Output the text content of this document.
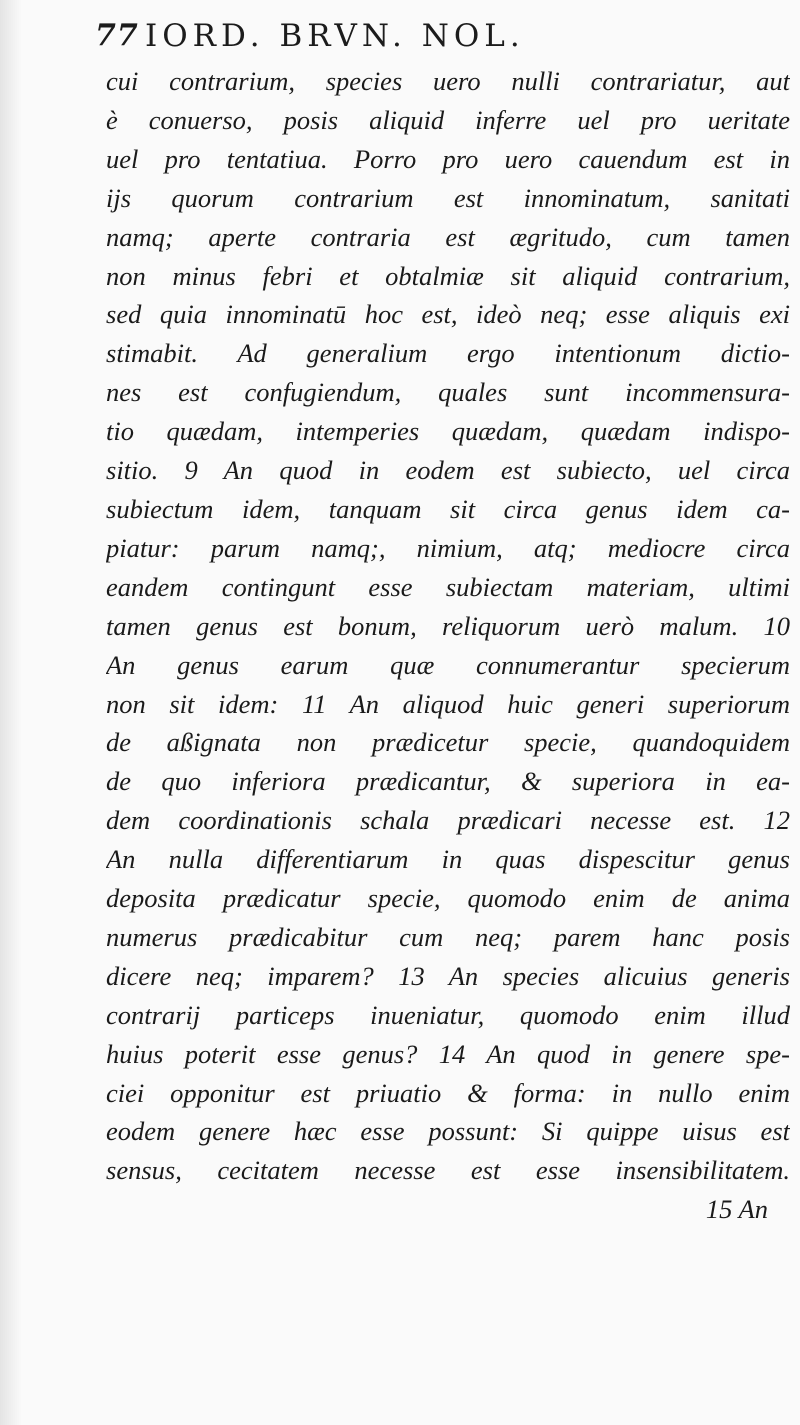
77 IORD. BRVN. NOL.
cui contrarium, species uero nulli contrariatur, aut
è conuerso, posis aliquid inferre uel pro ueritate
uel pro tentatiua. Porro pro uero cauendum est in
ijs quorum contrarium est innominatum, sanitati
namq; aperte contraria est ægritudo, cum tamen
non minus febri et obtalmiæ sit aliquid contrarium,
sed quia innominatū hoc est, ideò neq; esse aliquis exi
stimabit. Ad generalium ergo intentionum dictio-
nes est confugiendum, quales sunt incommensura-
tio quædam, intemperies quædam, quædam indispo-
sitio. 9 An quod in eodem est subiecto, uel circa
subiectum idem, tanquam sit circa genus idem ca-
piatur: parum namq;, nimium, atq; mediocre circa
eandem contingunt esse subiectam materiam, ultimi
tamen genus est bonum, reliquorum uerò malum. 10
An genus earum quæ connumerantur specierum
non sit idem: 11 An aliquod huic generi superiorum
de aßignata non prædicetur specie, quandoquidem
de quo inferiora prædicantur, & superiora in ea-
dem coordinationis schala prædicari necesse est. 12
An nulla differentiarum in quas dispescitur genus
deposita prædicatur specie, quomodo enim de anima
numerus prædicabitur cum neq; parem hanc posis
dicere neq; imparem? 13 An species alicuius generis
contrarij particeps inueniatur, quomodo enim illud
huius poterit esse genus? 14 An quod in genere spe-
ciei opponitur est priuatio & forma: in nullo enim
eodem genere hæc esse possunt: Si quippe uisus est
sensus, cecitatem necesse est esse insensibilitatem.
15 An
